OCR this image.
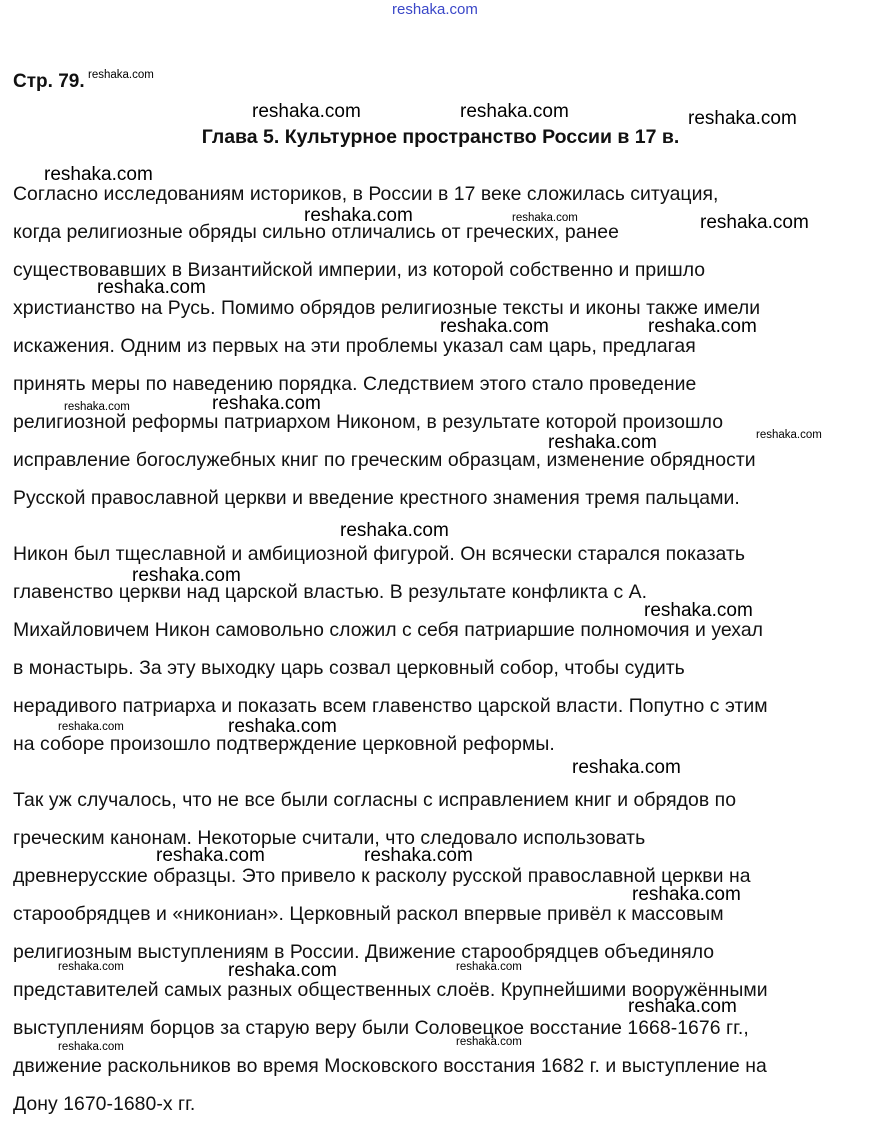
reshaka.com
Стр. 79.
Глава 5. Культурное пространство России в 17 в.
Согласно исследованиям историков, в России в 17 веке сложилась ситуация,
когда религиозные обряды сильно отличались от греческих, ранее
существовавших в Византийской империи, из которой собственно и пришло
христианство на Русь. Помимо обрядов религиозные тексты и иконы также имели
искажения. Одним из первых на эти проблемы указал сам царь, предлагая
принять меры по наведению порядка. Следствием этого стало проведение
религиозной реформы патриархом Никоном, в результате которой произошло
исправление богослужебных книг по греческим образцам, изменение обрядности
Русской православной церкви и введение крестного знамения тремя пальцами.
Никон был тщеславной и амбициозной фигурой. Он всячески старался показать
главенство церкви над царской властью. В результате конфликта с А.
Михайловичем Никон самовольно сложил с себя патриаршие полномочия и уехал
в монастырь. За эту выходку царь созвал церковный собор, чтобы судить
нерадивого патриарха и показать всем главенство царской власти. Попутно с этим
на соборе произошло подтверждение церковной реформы.
Так уж случалось, что не все были согласны с исправлением книг и обрядов по
греческим канонам. Некоторые считали, что следовало использовать
древнерусские образцы. Это привело к расколу русской православной церкви на
старообрядцев и «никониан». Церковный раскол впервые привёл к массовым
религиозным выступлениям в России. Движение старообрядцев объединяло
представителей самых разных общественных слоёв. Крупнейшими вооружёнными
выступлениям борцов за старую веру были Соловецкое восстание 1668-1676 гг.,
движение раскольников во время Московского восстания 1682 г. и выступление на
Дону 1670-1680-х гг.
reshaka.com
reshaka.com	reshaka.com	reshaka.com
reshaka.com
reshaka.com	reshaka.com	reshaka.com
reshaka.com
reshaka.com	reshaka.com
reshaka.com	reshaka.com
reshaka.com
reshaka.com
reshaka.com
reshaka.com
reshaka.com
reshaka.com	reshaka.com
reshaka.com
reshaka.com	reshaka.com
reshaka.com
reshaka.com	reshaka.com	reshaka.com
reshaka.com
reshaka.com	reshaka.com
